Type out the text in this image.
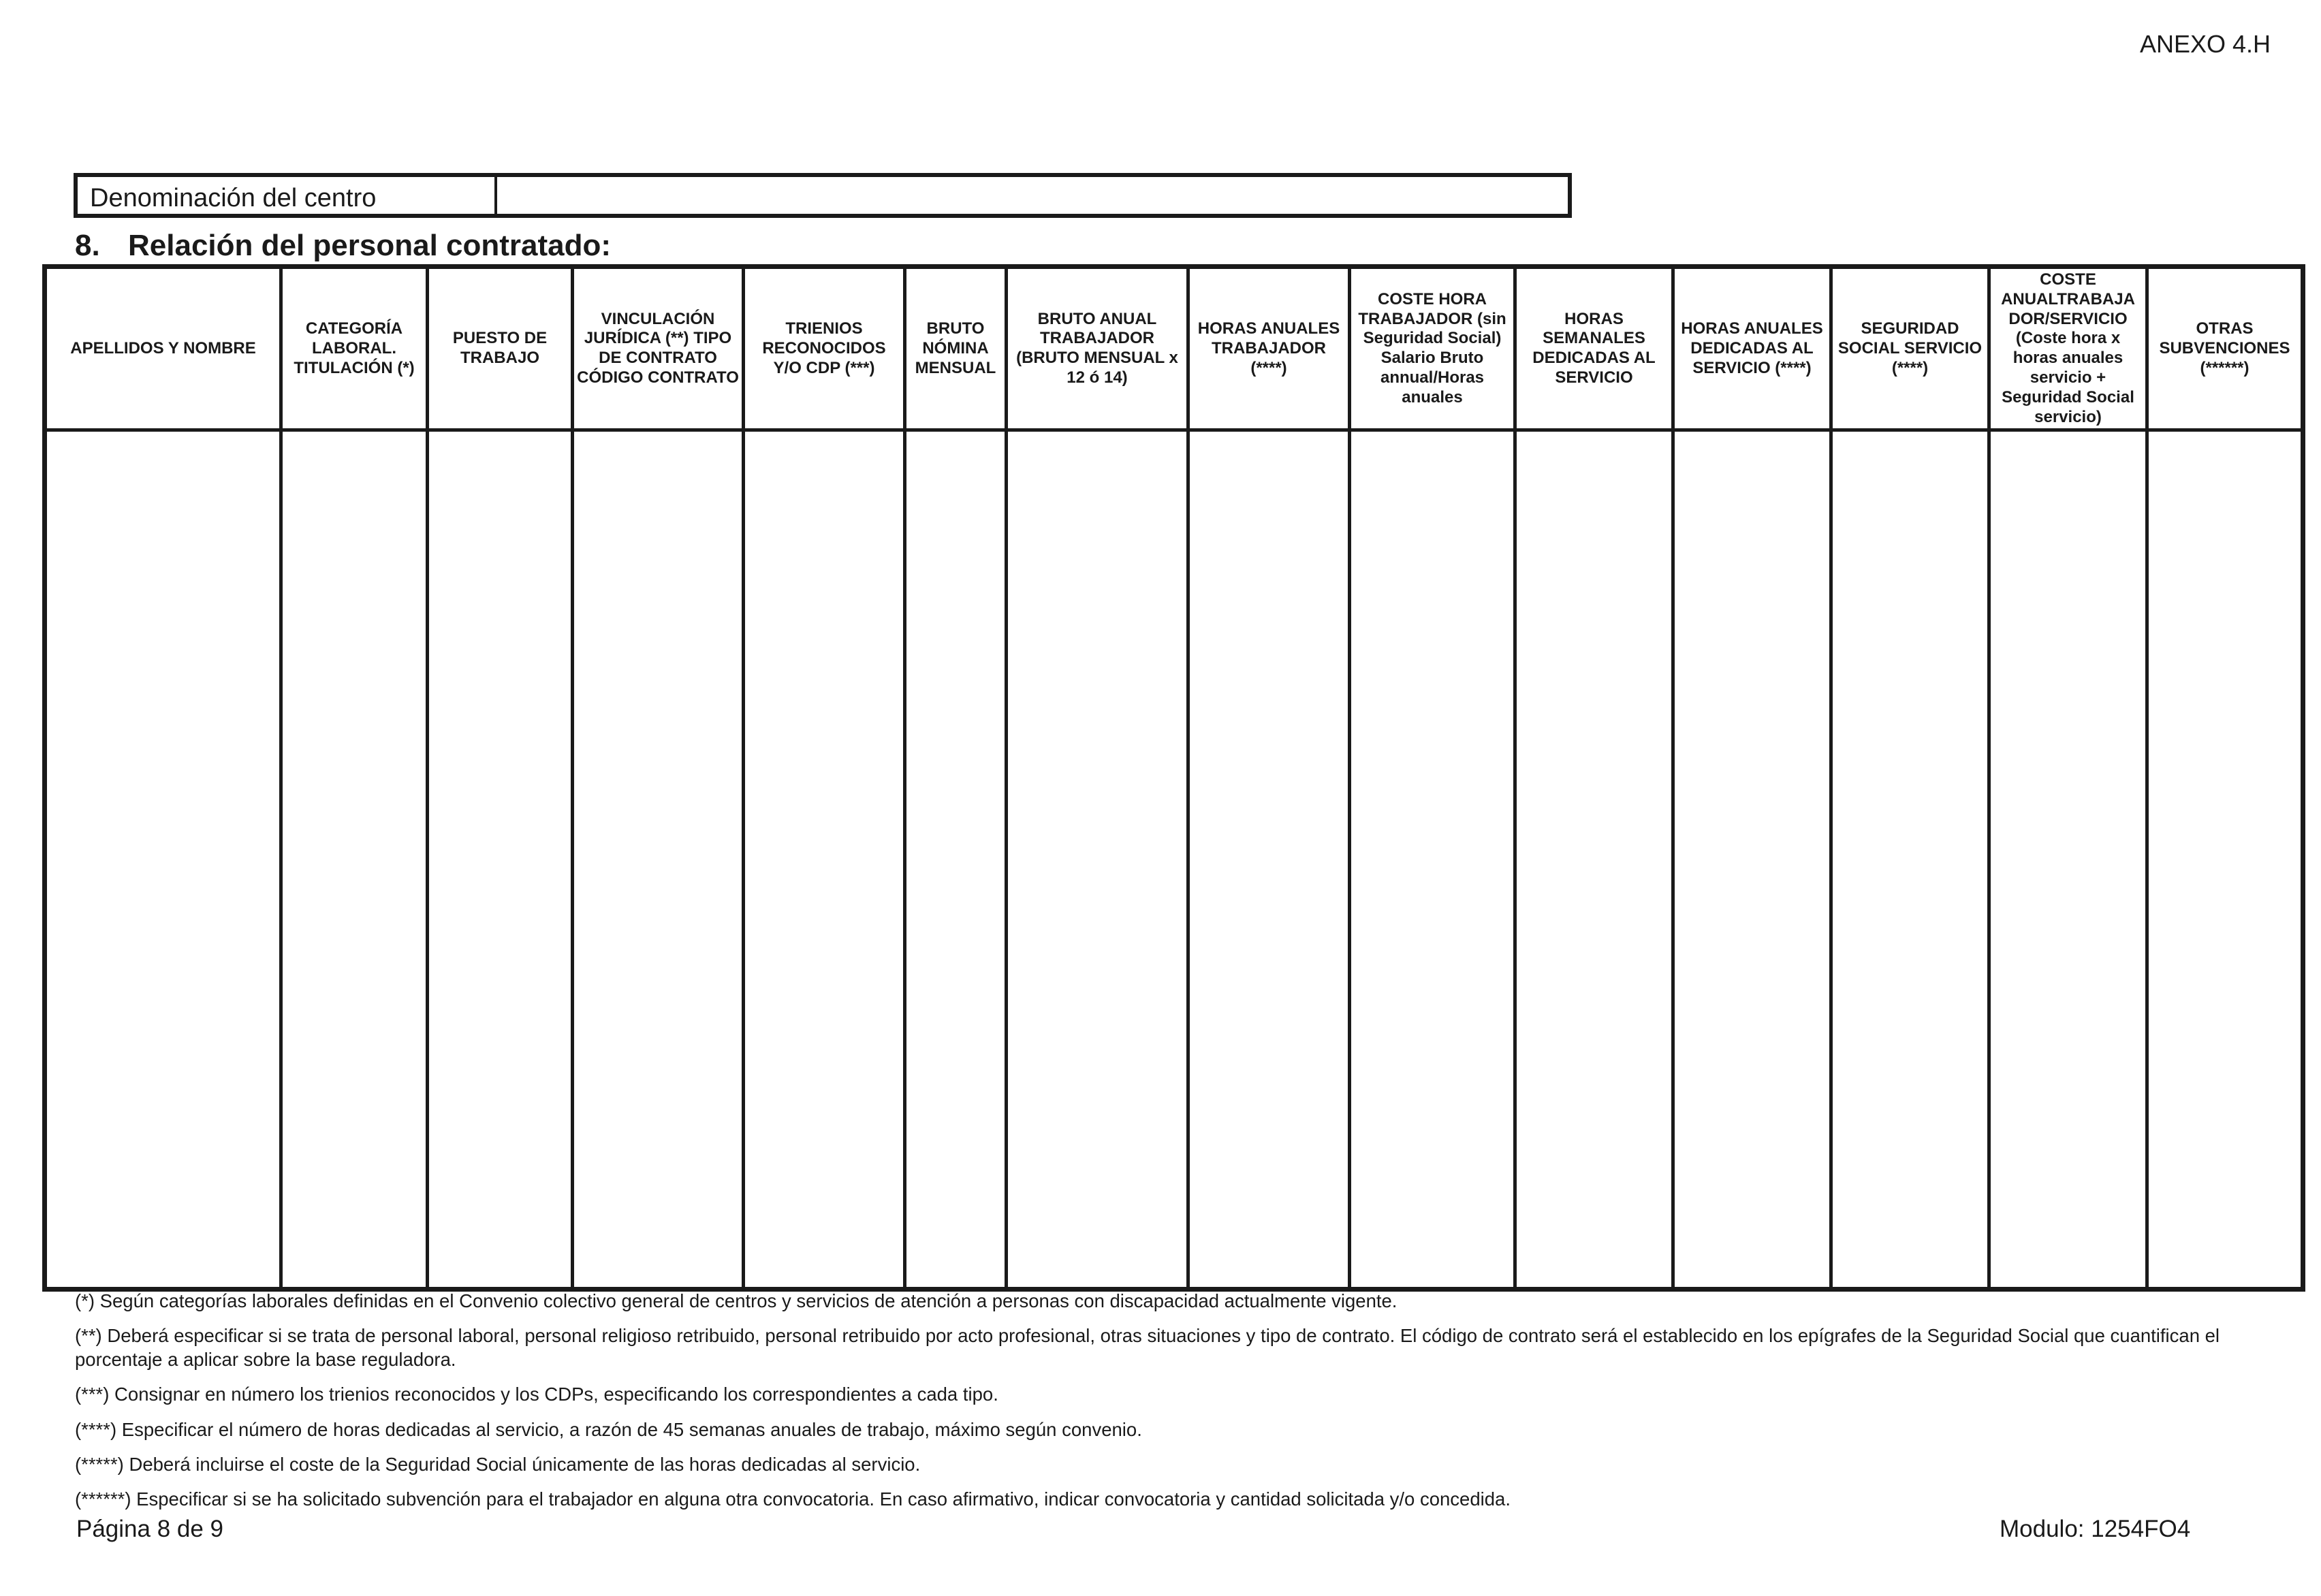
ANEXO 4.H
Denominación del centro
8. Relación del personal contratado:
APELLIDOS Y NOMBRE	CATEGORÍA LABORAL. TITULACIÓN (*)	PUESTO DE TRABAJO	VINCULACIÓN JURÍDICA (**) TIPO DE CONTRATO CÓDIGO CONTRATO	TRIENIOS RECONOCIDOS Y/O CDP (***)	BRUTO NÓMINA MENSUAL	BRUTO ANUAL TRABAJADOR (BRUTO MENSUAL x 12 ó 14)	HORAS ANUALES TRABAJADOR (****)	COSTE HORA TRABAJADOR (sin Seguridad Social) Salario Bruto annual/Horas anuales	HORAS SEMANALES DEDICADAS AL SERVICIO	HORAS ANUALES DEDICADAS AL SERVICIO (****)	SEGURIDAD SOCIAL SERVICIO (****)	COSTE ANUALTRABAJA DOR/SERVICIO (Coste hora x horas anuales servicio + Seguridad Social servicio)	OTRAS SUBVENCIONES (******)

(*) Según categorías laborales definidas en el Convenio colectivo general de centros y servicios de atención a personas con discapacidad actualmente vigente.

(**) Deberá especificar si se trata de personal laboral, personal religioso retribuido, personal retribuido por acto profesional, otras situaciones y tipo de contrato. El código de contrato será el establecido en los epígrafes de la Seguridad Social que cuantifican el porcentaje a aplicar sobre la base reguladora.

(***) Consignar en número los trienios reconocidos y los CDPs, especificando los correspondientes a cada tipo.

(****) Especificar el número de horas dedicadas al servicio, a razón de 45 semanas anuales de trabajo, máximo según convenio.

(*****) Deberá incluirse el coste de la Seguridad Social únicamente de las horas dedicadas al servicio.

(******) Especificar si se ha solicitado subvención para el trabajador en alguna otra convocatoria. En caso afirmativo, indicar convocatoria y cantidad solicitada y/o concedida.

Página 8 de 9	Modulo: 1254FO4
